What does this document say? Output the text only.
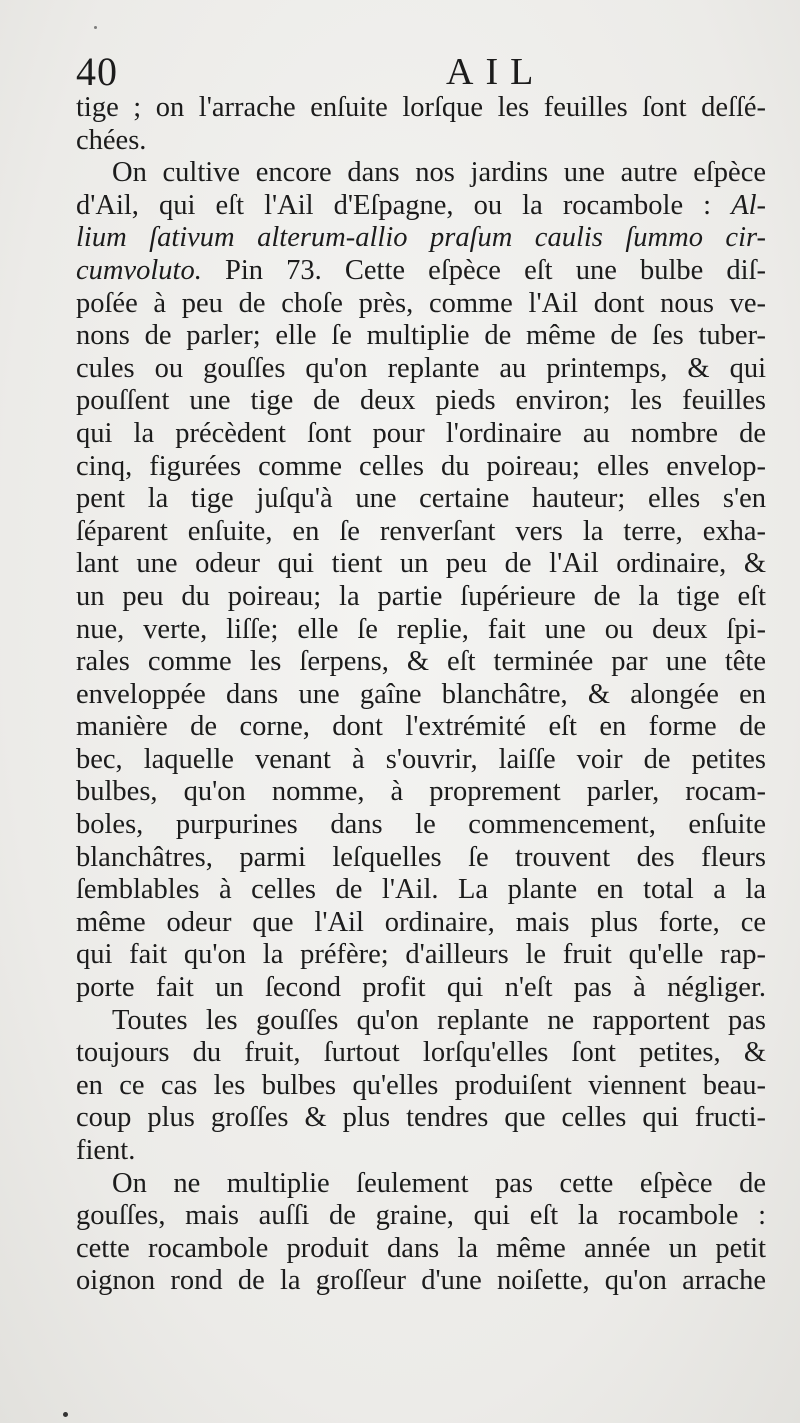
40	AIL
tige ; on l'arrache enſuite lorſque les feuilles ſont deſſé-
chées.
On cultive encore dans nos jardins une autre eſpèce
d'Ail, qui eſt l'Ail d'Eſpagne, ou la rocambole : Al-
lium ſativum alterum-allio praſum caulis ſummo cir-
cumvoluto. Pin 73. Cette eſpèce eſt une bulbe diſ-
poſée à peu de choſe près, comme l'Ail dont nous ve-
nons de parler; elle ſe multiplie de même de ſes tuber-
cules ou gouſſes qu'on replante au printemps, & qui
pouſſent une tige de deux pieds environ; les feuilles
qui la précèdent ſont pour l'ordinaire au nombre de
cinq, figurées comme celles du poireau; elles envelop-
pent la tige juſqu'à une certaine hauteur; elles s'en
ſéparent enſuite, en ſe renverſant vers la terre, exha-
lant une odeur qui tient un peu de l'Ail ordinaire, &
un peu du poireau; la partie ſupérieure de la tige eſt
nue, verte, liſſe; elle ſe replie, fait une ou deux ſpi-
rales comme les ſerpens, & eſt terminée par une tête
enveloppée dans une gaîne blanchâtre, & alongée en
manière de corne, dont l'extrémité eſt en forme de
bec, laquelle venant à s'ouvrir, laiſſe voir de petites
bulbes, qu'on nomme, à proprement parler, rocam-
boles, purpurines dans le commencement, enſuite
blanchâtres, parmi leſquelles ſe trouvent des fleurs
ſemblables à celles de l'Ail. La plante en total a la
même odeur que l'Ail ordinaire, mais plus forte, ce
qui fait qu'on la préfère; d'ailleurs le fruit qu'elle rap-
porte fait un ſecond profit qui n'eſt pas à négliger.
Toutes les gouſſes qu'on replante ne rapportent pas
toujours du fruit, ſurtout lorſqu'elles ſont petites, &
en ce cas les bulbes qu'elles produiſent viennent beau-
coup plus groſſes & plus tendres que celles qui fructi-
fient.
On ne multiplie ſeulement pas cette eſpèce de
gouſſes, mais auſſi de graine, qui eſt la rocambole :
cette rocambole produit dans la même année un petit
oignon rond de la groſſeur d'une noiſette, qu'on arrache
